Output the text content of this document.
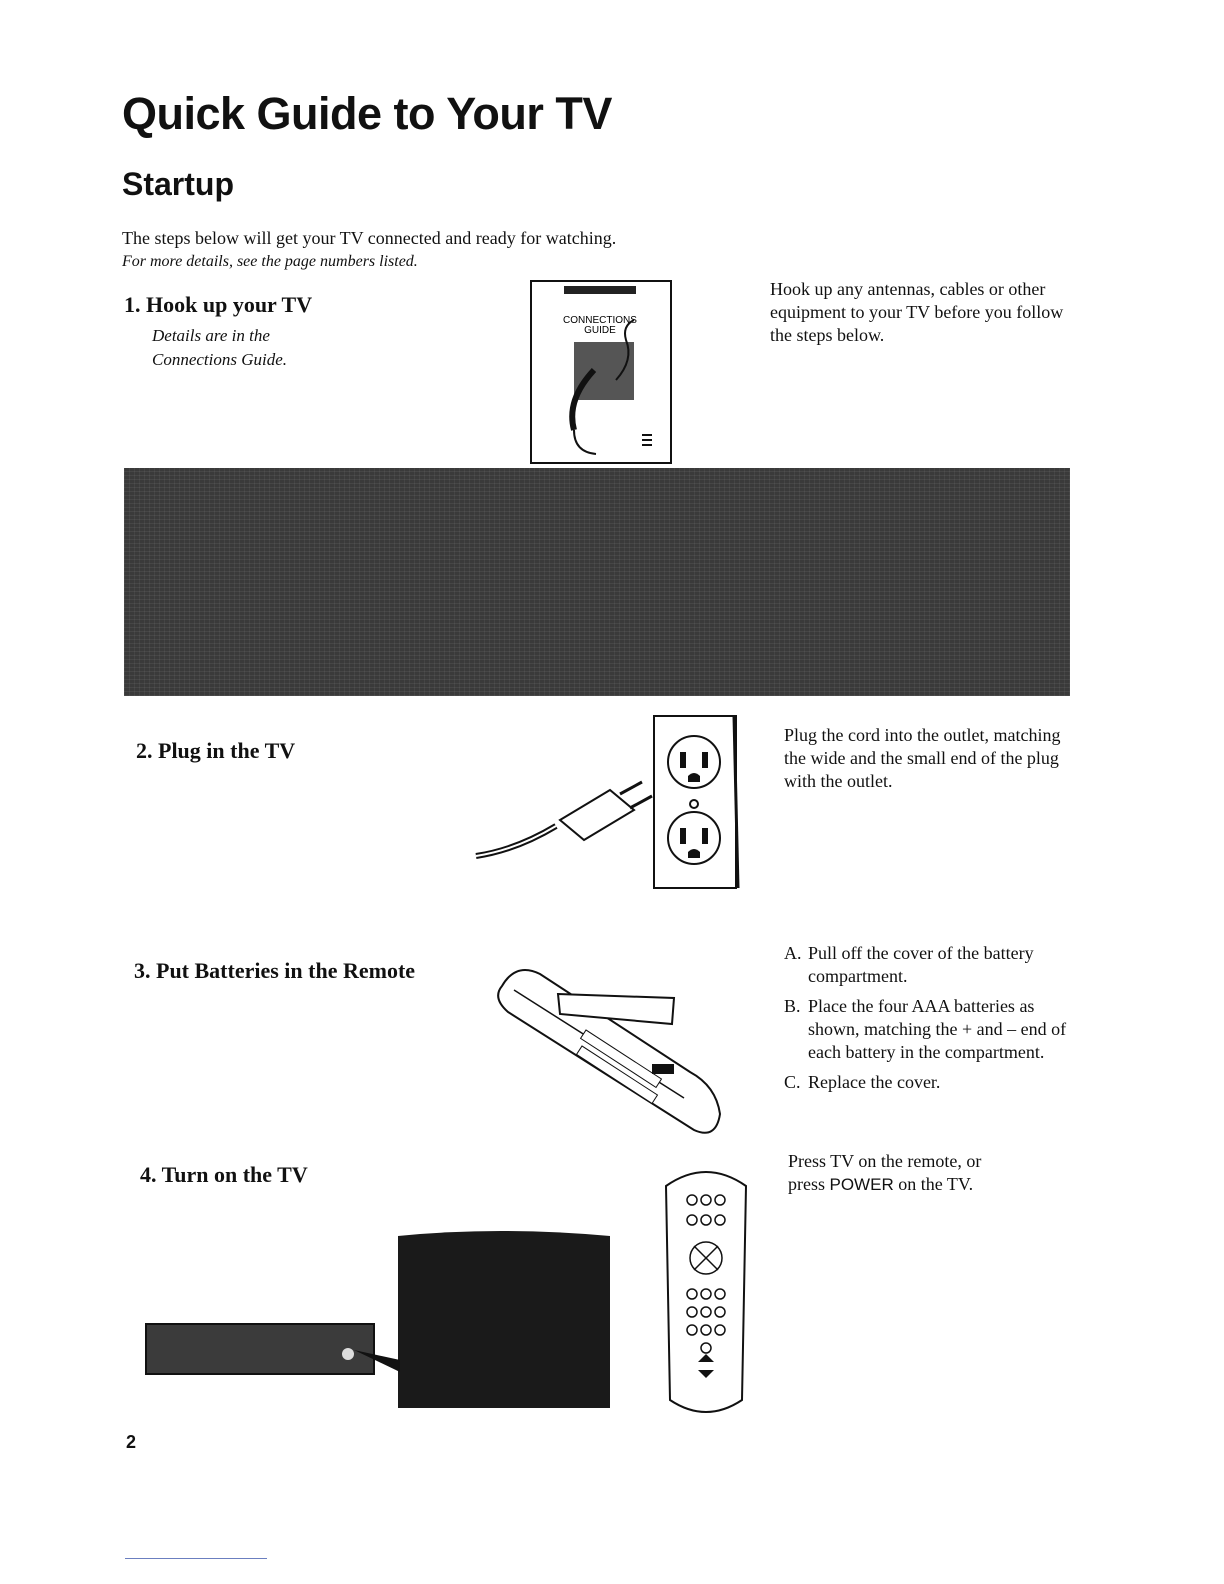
Quick Guide to Your TV
Startup
The steps below will get your TV connected and ready for watching.
For more details, see the page numbers listed.
1. Hook up your TV
Details are in the
Connections Guide.
CONNECTIONS GUIDE
Hook up any antennas, cables or other equipment to your TV before you follow the steps below.
2. Plug in the TV
Plug the cord into the outlet, matching the wide and the small end of the plug with the outlet.
3. Put Batteries in the Remote
A. Pull off the cover of the battery compartment.
B. Place the four AAA batteries as shown, matching the + and – end of each battery in the compartment.
C. Replace the cover.
4. Turn on the TV
Press TV on the remote, or
press POWER on the TV.
2
